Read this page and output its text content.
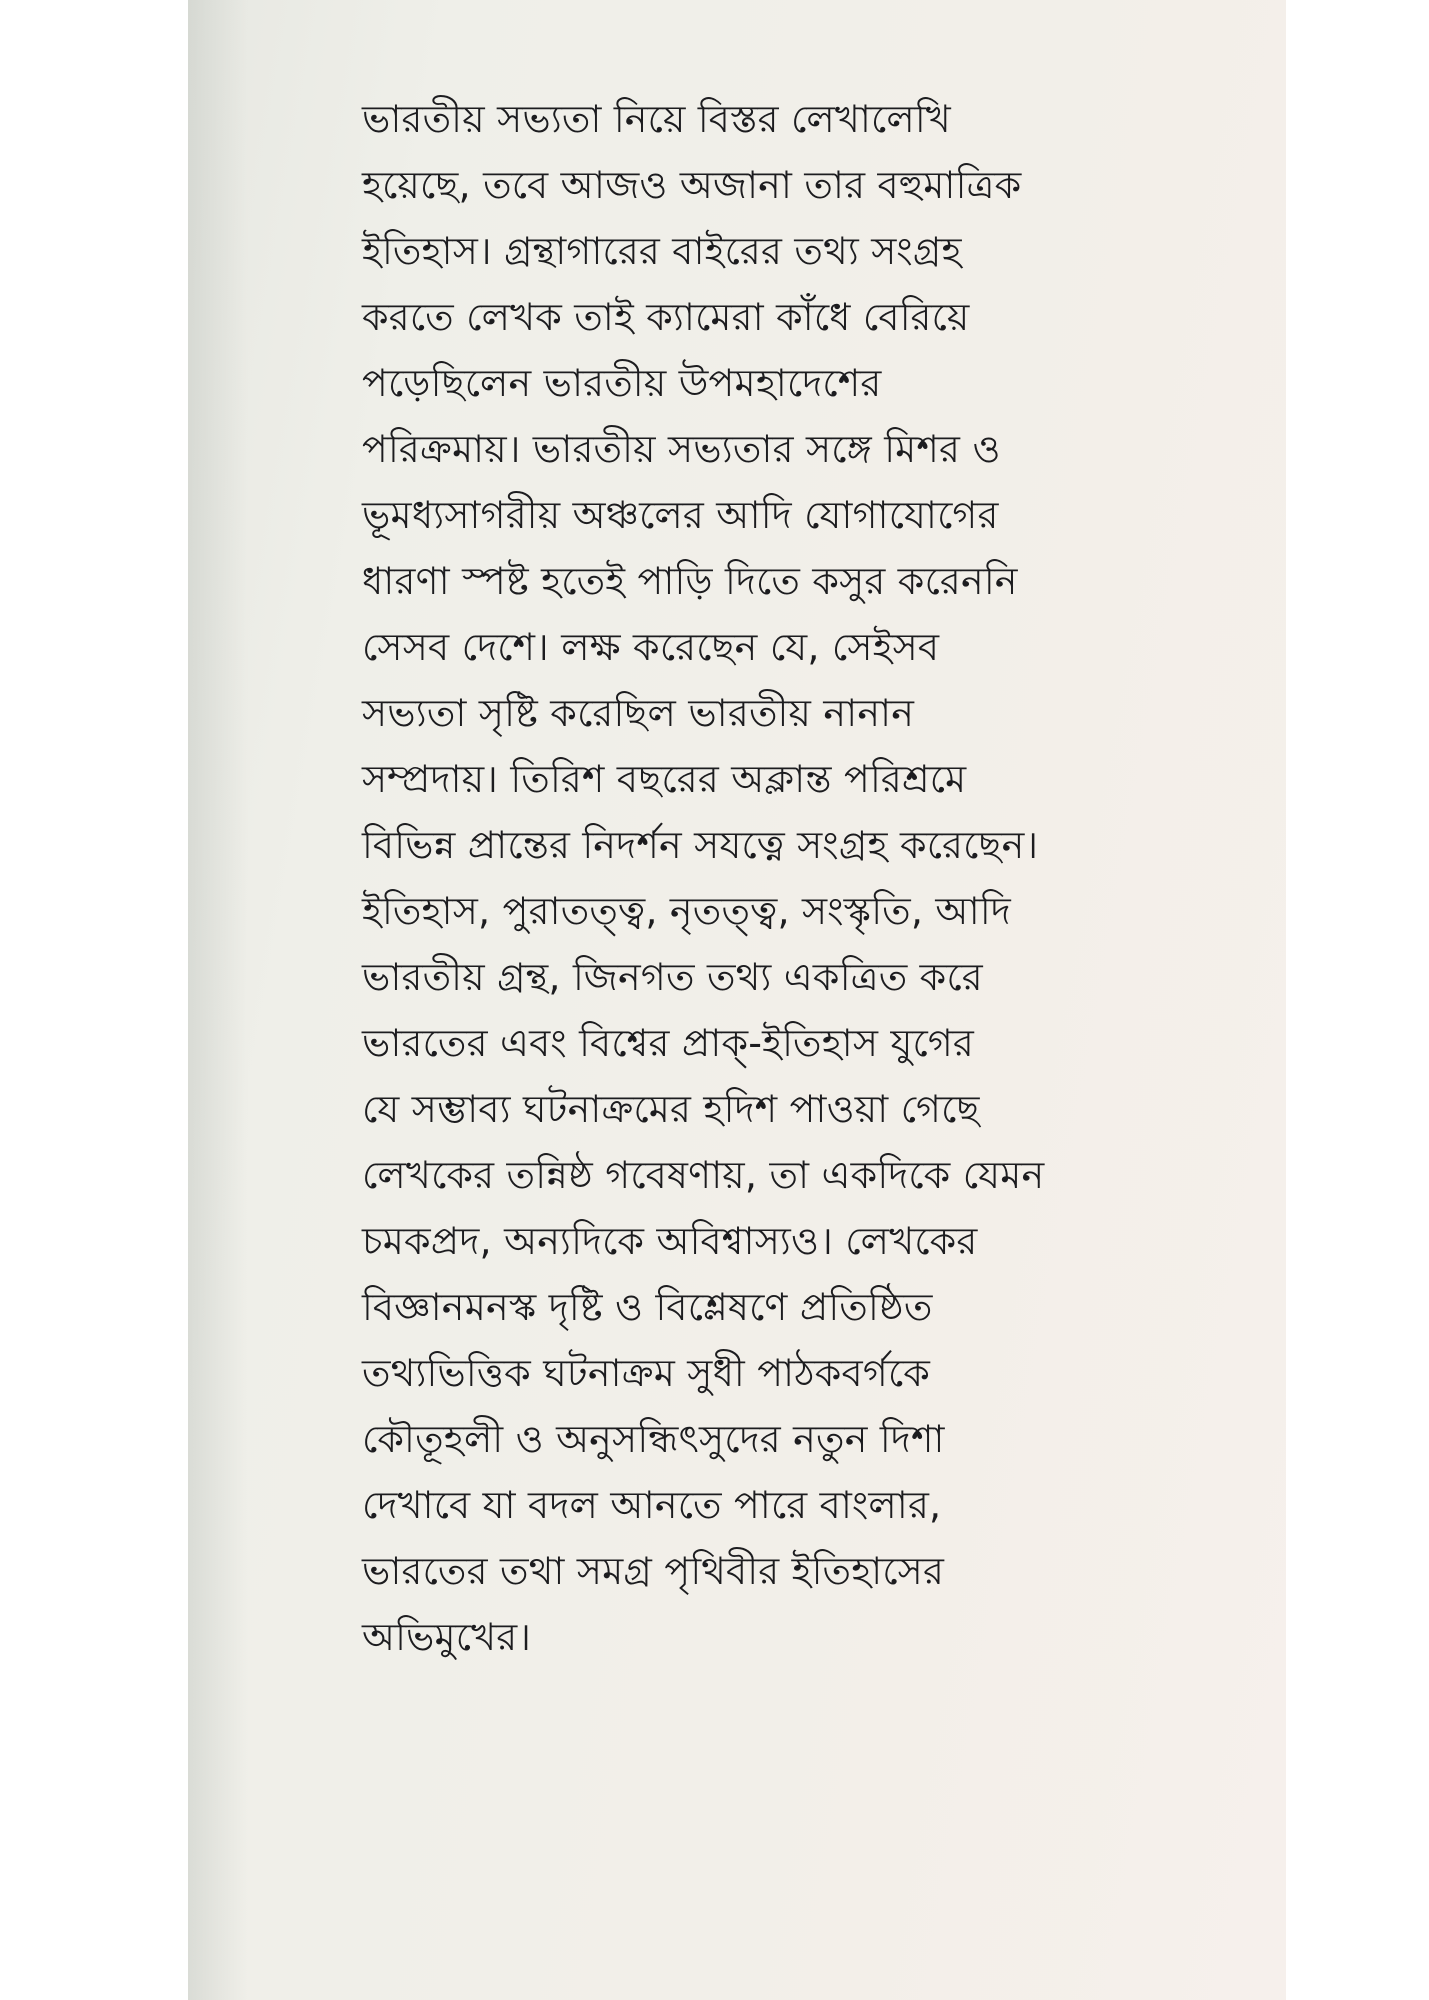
ভারতীয় সভ্যতা নিয়ে বিস্তর লেখালেখি
হয়েছে, তবে আজও অজানা তার বহুমাত্রিক
ইতিহাস। গ্রন্থাগারের বাইরের তথ্য সংগ্রহ
করতে লেখক তাই ক্যামেরা কাঁধে বেরিয়ে
পড়েছিলেন ভারতীয় উপমহাদেশের
পরিক্রমায়। ভারতীয় সভ্যতার সঙ্গে মিশর ও
ভূমধ্যসাগরীয় অঞ্চলের আদি যোগাযোগের
ধারণা স্পষ্ট হতেই পাড়ি দিতে কসুর করেননি
সেসব দেশে। লক্ষ করেছেন যে, সেইসব
সভ্যতা সৃষ্টি করেছিল ভারতীয় নানান
সম্প্রদায়। তিরিশ বছরের অক্লান্ত পরিশ্রমে
বিভিন্ন প্রান্তের নিদর্শন সযত্নে সংগ্রহ করেছেন।
ইতিহাস, পুরাতত্ত্ব, নৃতত্ত্ব, সংস্কৃতি, আদি
ভারতীয় গ্রন্থ, জিনগত তথ্য একত্রিত করে
ভারতের এবং বিশ্বের প্রাক্-ইতিহাস যুগের
যে সম্ভাব্য ঘটনাক্রমের হদিশ পাওয়া গেছে
লেখকের তন্নিষ্ঠ গবেষণায়, তা একদিকে যেমন
চমকপ্রদ, অন্যদিকে অবিশ্বাস্যও। লেখকের
বিজ্ঞানমনস্ক দৃষ্টি ও বিশ্লেষণে প্রতিষ্ঠিত
তথ্যভিত্তিক ঘটনাক্রম সুধী পাঠকবর্গকে
কৌতূহলী ও অনুসন্ধিৎসুদের নতুন দিশা
দেখাবে যা বদল আনতে পারে বাংলার,
ভারতের তথা সমগ্র পৃথিবীর ইতিহাসের
অভিমুখের।
